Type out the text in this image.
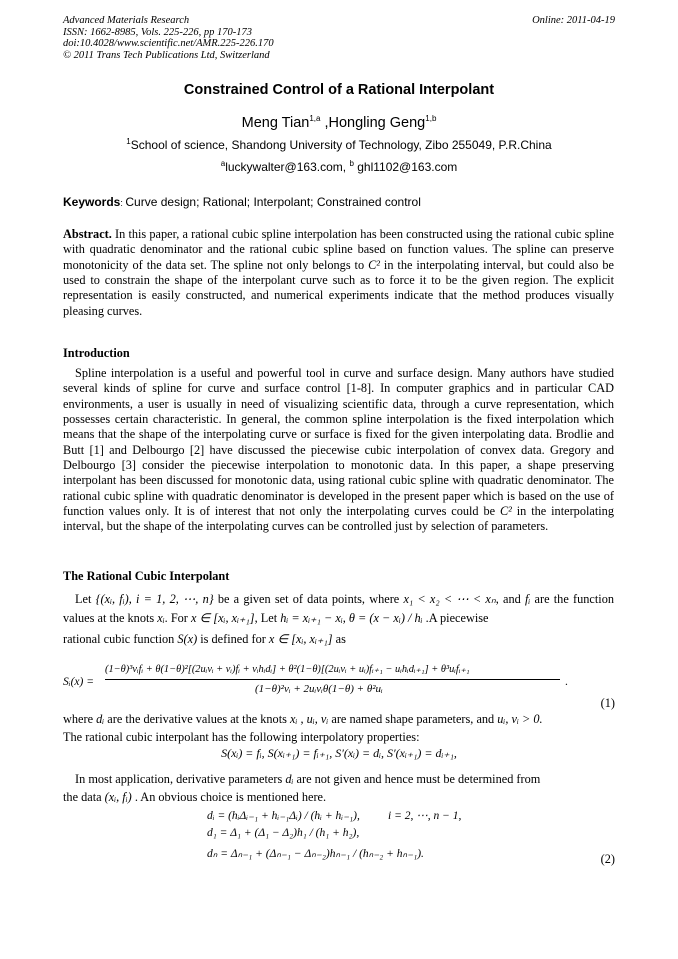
Advanced Materials Research
ISSN: 1662-8985, Vols. 225-226, pp 170-173
doi:10.4028/www.scientific.net/AMR.225-226.170
© 2011 Trans Tech Publications Ltd, Switzerland
Online: 2011-04-19
Constrained Control of a Rational Interpolant
Meng Tian$^{1,a}$ ,Hongling Geng$^{1,b}$
$^1$School of science, Shandong University of Technology, Zibo 255049, P.R.China
$^a$luckywalter@163.com, $^b$ ghl1102@163.com
Keywords: Curve design; Rational; Interpolant; Constrained control
Abstract. In this paper, a rational cubic spline interpolation has been constructed using the rational cubic spline with quadratic denominator and the rational cubic spline based on function values. The spline can preserve monotonicity of the data set. The spline not only belongs to C² in the interpolating interval, but could also be used to constrain the shape of the interpolant curve such as to force it to be the given region. The explicit representation is easily constructed, and numerical experiments indicate that the method produces visually pleasing curves.
Introduction
Spline interpolation is a useful and powerful tool in curve and surface design. Many authors have studied several kinds of spline for curve and surface control [1-8]. In computer graphics and in particular CAD environments, a user is usually in need of visualizing scientific data, through a curve representation, which possesses certain characteristic. In general, the common spline interpolation is the fixed interpolation which means that the shape of the interpolating curve or surface is fixed for the given interpolating data. Brodlie and Butt [1] and Delbourgo [2] have discussed the piecewise cubic interpolation of convex data. Gregory and Delbourgo [3] consider the piecewise interpolation to monotonic data. In this paper, a shape preserving interpolant has been discussed for monotonic data, using rational cubic spline with quadratic denominator. The rational cubic spline with quadratic denominator is developed in the present paper which is based on the use of function values only. It is of interest that not only the interpolating curves could be C² in the interpolating interval, but the shape of the interpolating curves can be controlled just by selection of parameters.
The Rational Cubic Interpolant
Let {(xᵢ, fᵢ), i = 1, 2, ⋯, n} be a given set of data points, where x₁ < x₂ < ⋯ < xₙ, and fᵢ are the function values at the knots xᵢ. For x ∈ [xᵢ, xᵢ₊₁], Let hᵢ = xᵢ₊₁ − xᵢ, θ = (x − xᵢ) / hᵢ .A piecewise
rational cubic function S(x) is defined for x ∈ [xᵢ, xᵢ₊₁] as
Sᵢ(x) =
(1−θ)³vᵢfᵢ + θ(1−θ)²[(2uᵢvᵢ + vᵢ)fᵢ + vᵢhᵢdᵢ] + θ²(1−θ)[(2uᵢvᵢ + uᵢ)fᵢ₊₁ − uᵢhᵢdᵢ₊₁] + θ³uᵢfᵢ₊₁
(1−θ)²vᵢ + 2uᵢvᵢθ(1−θ) + θ²uᵢ
.
(1)
where dᵢ are the derivative values at the knots xᵢ , uᵢ, vᵢ are named shape parameters, and uᵢ, vᵢ > 0.
The rational cubic interpolant has the following interpolatory properties:
S(xᵢ) = fᵢ, S(xᵢ₊₁) = fᵢ₊₁, S′(xᵢ) = dᵢ, S′(xᵢ₊₁) = dᵢ₊₁,
In most application, derivative parameters dᵢ are not given and hence must be determined from
the data (xᵢ, fᵢ) . An obvious choice is mentioned here.
dᵢ = (hᵢΔᵢ₋₁ + hᵢ₋₁Δᵢ) / (hᵢ + hᵢ₋₁), i = 2, ⋯, n − 1,
d₁ = Δ₁ + (Δ₁ − Δ₂)h₁ / (h₁ + h₂),
dₙ = Δₙ₋₁ + (Δₙ₋₁ − Δₙ₋₂)hₙ₋₁ / (hₙ₋₂ + hₙ₋₁).	(2)
